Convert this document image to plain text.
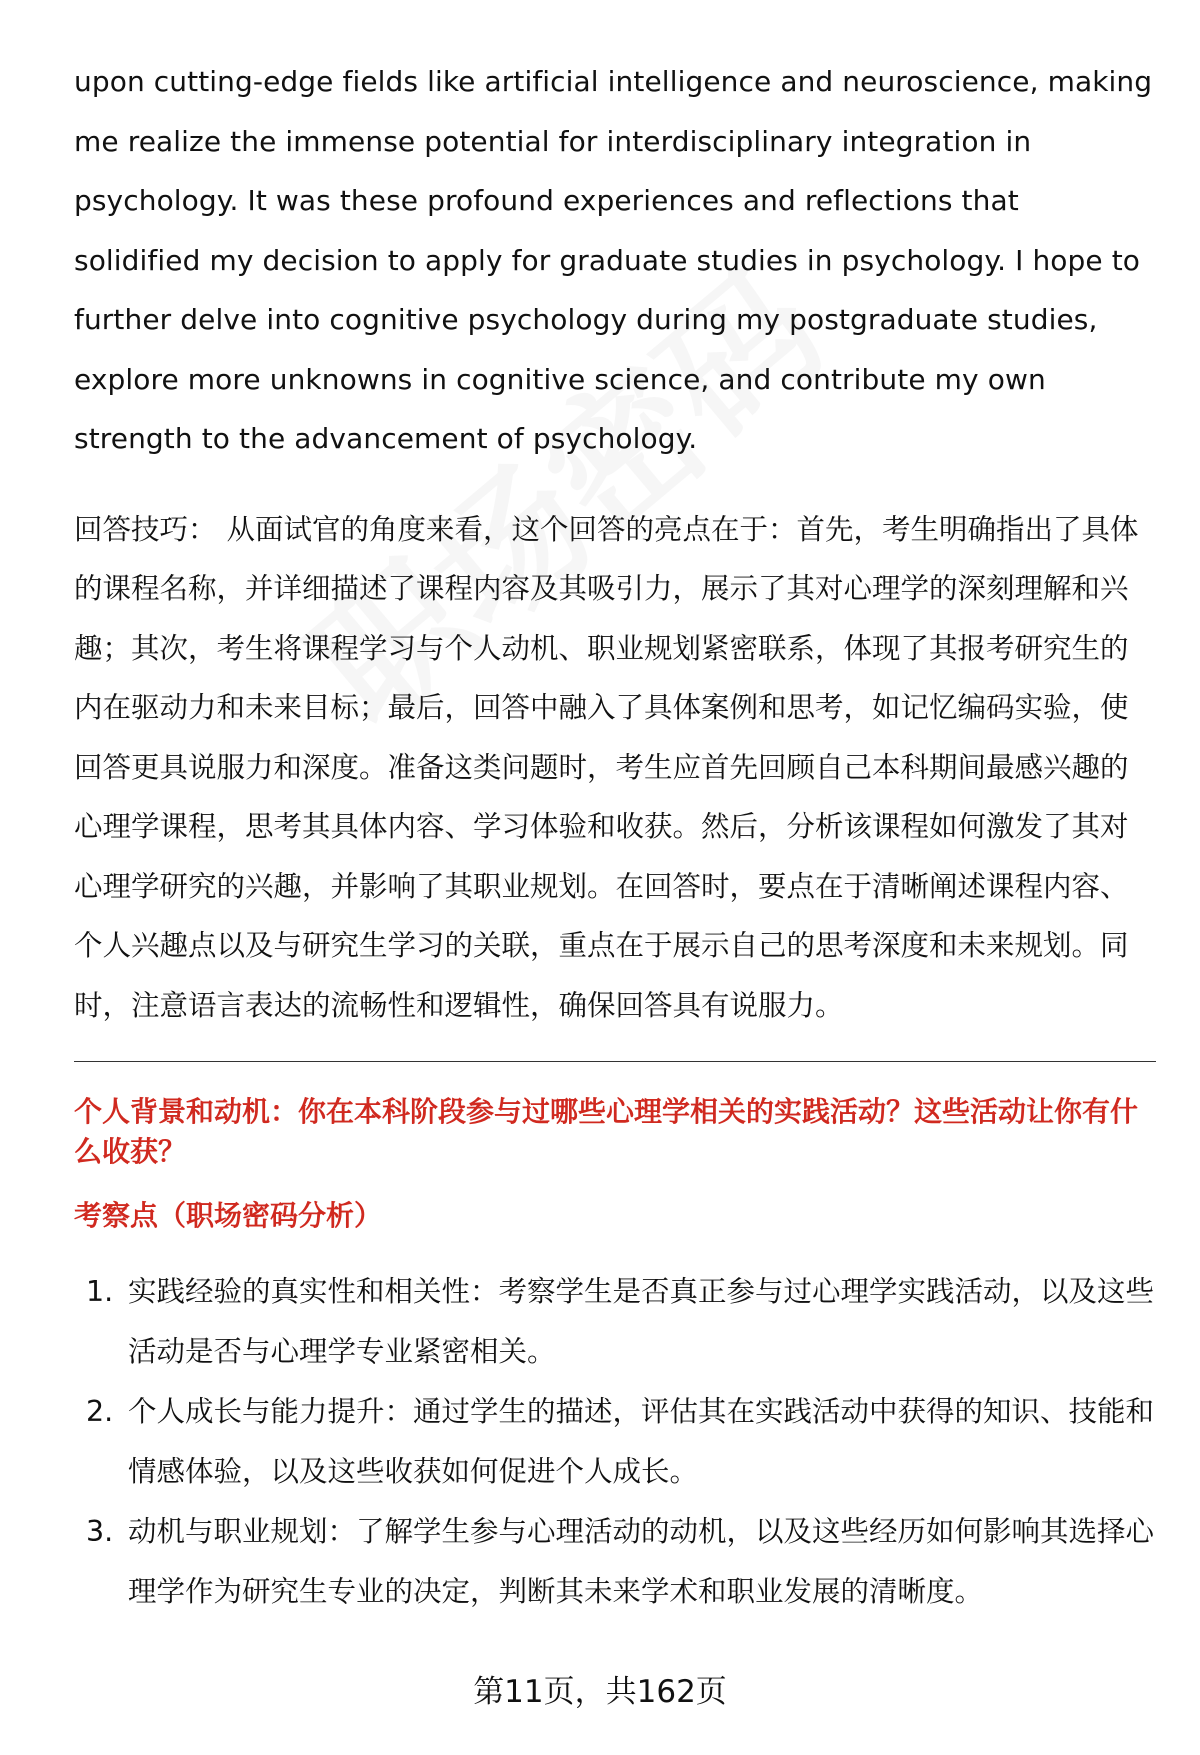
upon cutting-edge fields like artificial intelligence and neuroscience, making me realize the immense potential for interdisciplinary integration in psychology. It was these profound experiences and reflections that solidified my decision to apply for graduate studies in psychology. I hope to further delve into cognitive psychology during my postgraduate studies, explore more unknowns in cognitive science, and contribute my own strength to the advancement of psychology.

回答技巧： 从面试官的角度来看，这个回答的亮点在于：首先，考生明确指出了具体的课程名称，并详细描述了课程内容及其吸引力，展示了其对心理学的深刻理解和兴趣；其次，考生将课程学习与个人动机、职业规划紧密联系，体现了其报考研究生的内在驱动力和未来目标；最后，回答中融入了具体案例和思考，如记忆编码实验，使回答更具说服力和深度。准备这类问题时，考生应首先回顾自己本科期间最感兴趣的心理学课程，思考其具体内容、学习体验和收获。然后，分析该课程如何激发了其对心理学研究的兴趣，并影响了其职业规划。在回答时，要点在于清晰阐述课程内容、个人兴趣点以及与研究生学习的关联，重点在于展示自己的思考深度和未来规划。同时，注意语言表达的流畅性和逻辑性，确保回答具有说服力。
个人背景和动机：你在本科阶段参与过哪些心理学相关的实践活动？这些活动让你有什么收获？
考察点（职场密码分析）
1. 实践经验的真实性和相关性：考察学生是否真正参与过心理学实践活动，以及这些活动是否与心理学专业紧密相关。
2. 个人成长与能力提升：通过学生的描述，评估其在实践活动中获得的知识、技能和情感体验，以及这些收获如何促进个人成长。
3. 动机与职业规划：了解学生参与心理活动的动机，以及这些经历如何影响其选择心理学作为研究生专业的决定，判断其未来学术和职业发展的清晰度。
第11页，共162页
